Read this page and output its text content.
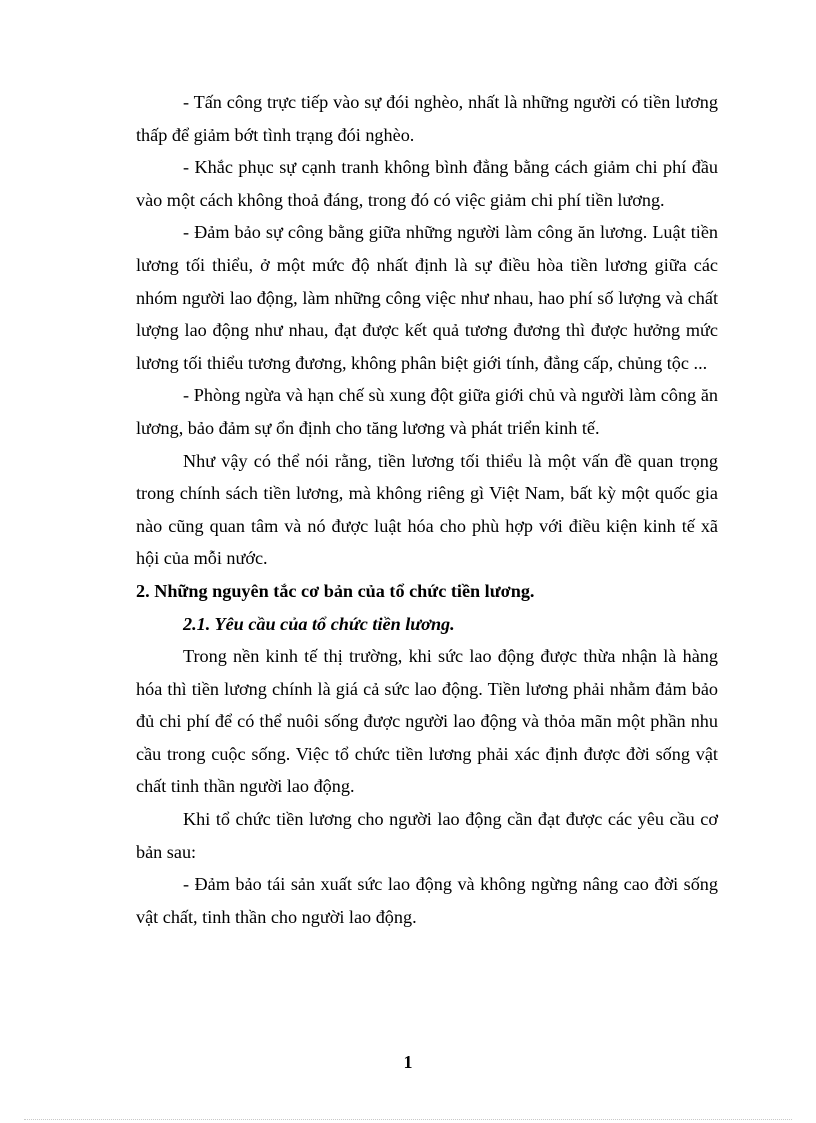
- Tấn công trực tiếp vào sự đói nghèo, nhất là những người có tiền lương thấp để giảm bớt tình trạng đói nghèo.

- Khắc phục sự cạnh tranh không bình đẳng bằng cách giảm chi phí đầu vào một cách không thoả đáng, trong đó có việc giảm chi phí tiền lương.

- Đảm bảo sự công bằng giữa những người làm công ăn lương. Luật tiền lương tối thiểu, ở một mức độ nhất định là sự điều hòa tiền lương giữa các nhóm người lao động, làm những công việc như nhau, hao phí số lượng và chất lượng lao động như nhau, đạt được kết quả tương đương thì được hưởng mức lương tối thiểu tương đương, không phân biệt giới tính, đẳng cấp, chủng tộc ...

- Phòng ngừa và hạn chế sù xung đột giữa giới chủ và người làm công ăn lương, bảo đảm sự ổn định cho tăng lương và phát triển kinh tế.

Như vậy có thể nói rằng, tiền lương tối thiểu là một vấn đề quan trọng trong chính sách tiền lương, mà không riêng gì Việt Nam, bất kỳ một quốc gia nào cũng quan tâm và nó được luật hóa cho phù hợp với điều kiện kinh tế xã hội của mỗi nước.

2. Những nguyên tắc cơ bản của tổ chức tiền lương.

2.1. Yêu cầu của tổ chức tiền lương.

Trong nền kinh tế thị trường, khi sức lao động được thừa nhận là hàng hóa thì tiền lương chính là giá cả sức lao động. Tiền lương phải nhằm đảm bảo đủ chi phí để có thể nuôi sống được người lao động và thỏa mãn một phần nhu cầu trong cuộc sống. Việc tổ chức tiền lương phải xác định được đời sống vật chất tinh thần người lao động.

Khi tổ chức tiền lương cho người lao động cần đạt được các yêu cầu cơ bản sau:

- Đảm bảo tái sản xuất sức lao động và không ngừng nâng cao đời sống vật chất, tinh thần cho người lao động.

1
